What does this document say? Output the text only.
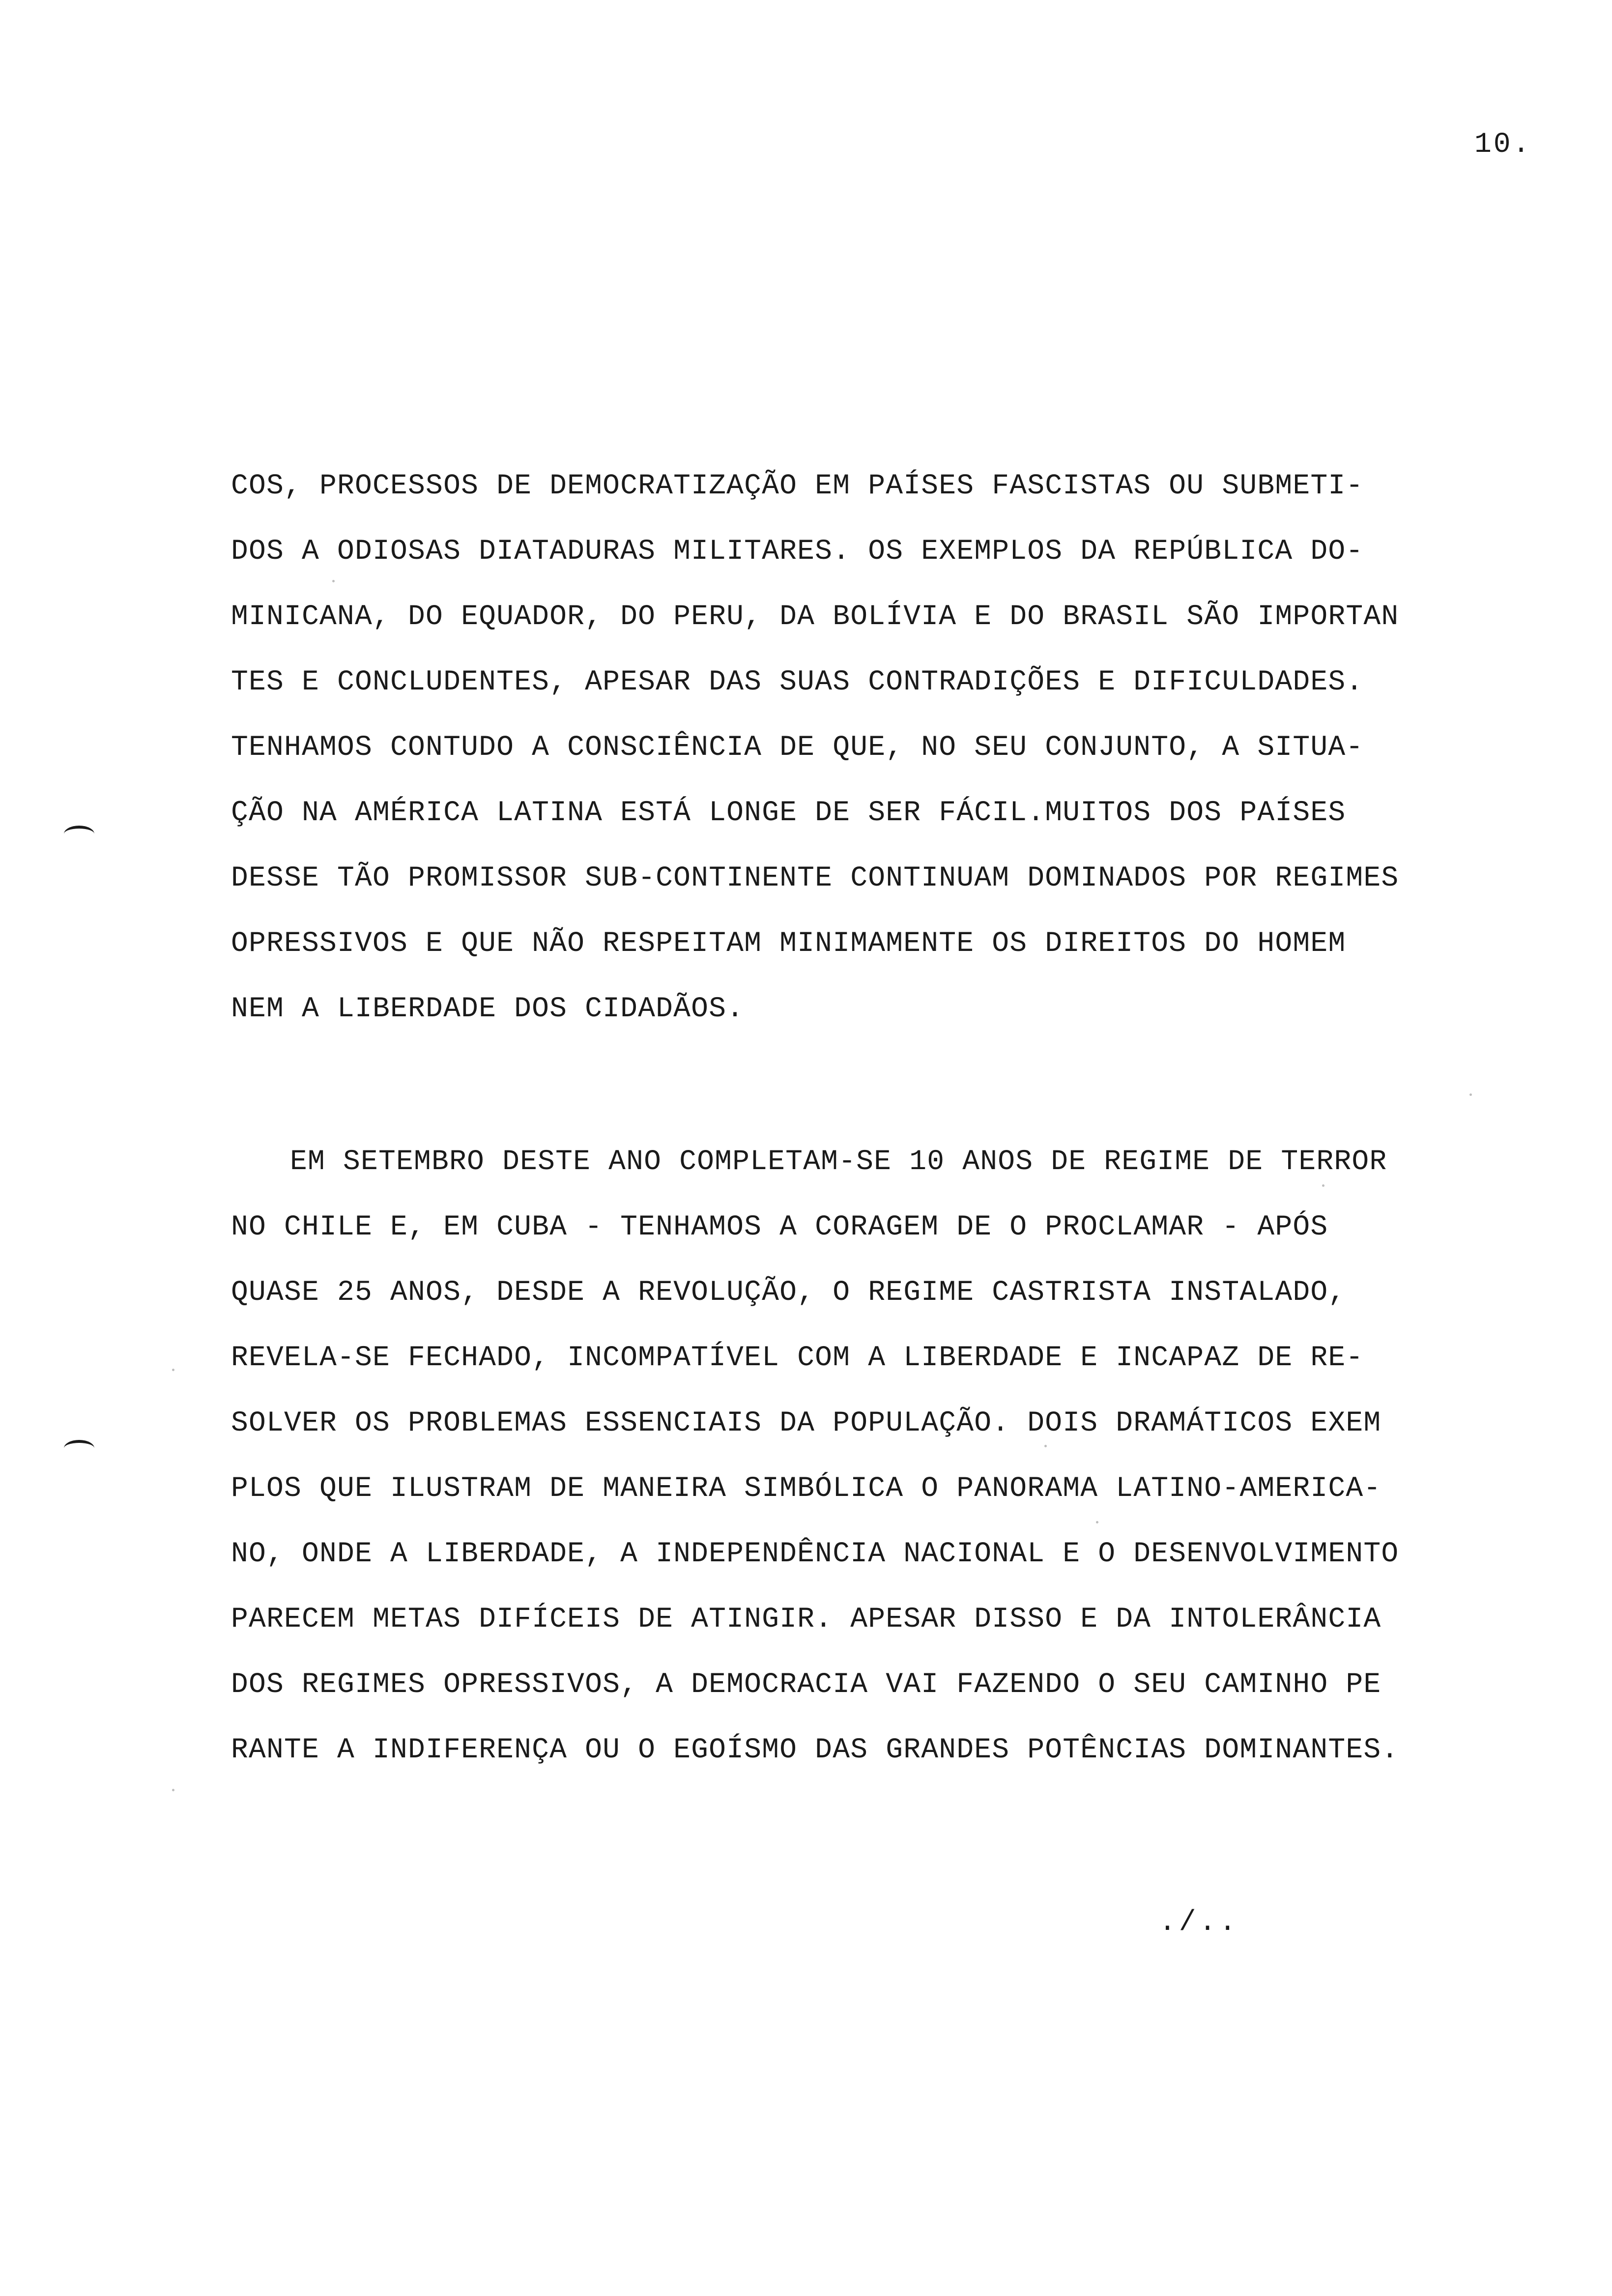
10.
COS, PROCESSOS DE DEMOCRATIZAÇÃO EM PAÍSES FASCISTAS OU SUBMETI-
DOS A ODIOSAS DIATADURAS MILITARES. OS EXEMPLOS DA REPÚBLICA DO-
MINICANA, DO EQUADOR, DO PERU, DA BOLÍVIA E DO BRASIL SÃO IMPORTAN
TES E CONCLUDENTES, APESAR DAS SUAS CONTRADIÇÕES E DIFICULDADES.
TENHAMOS CONTUDO A CONSCIÊNCIA DE QUE, NO SEU CONJUNTO, A SITUA-
ÇÃO NA AMÉRICA LATINA ESTÁ LONGE DE SER FÁCIL.MUITOS DOS PAÍSES
DESSE TÃO PROMISSOR SUB-CONTINENTE CONTINUAM DOMINADOS POR REGIMES
OPRESSIVOS E QUE NÃO RESPEITAM MINIMAMENTE OS DIREITOS DO HOMEM
NEM A LIBERDADE DOS CIDADÃOS.
EM SETEMBRO DESTE ANO COMPLETAM-SE 10 ANOS DE REGIME DE TERROR
NO CHILE E, EM CUBA - TENHAMOS A CORAGEM DE O PROCLAMAR - APÓS
QUASE 25 ANOS, DESDE A REVOLUÇÃO, O REGIME CASTRISTA INSTALADO,
REVELA-SE FECHADO, INCOMPATÍVEL COM A LIBERDADE E INCAPAZ DE RE-
SOLVER OS PROBLEMAS ESSENCIAIS DA POPULAÇÃO. DOIS DRAMÁTICOS EXEM
PLOS QUE ILUSTRAM DE MANEIRA SIMBÓLICA O PANORAMA LATINO-AMERICA-
NO, ONDE A LIBERDADE, A INDEPENDÊNCIA NACIONAL E O DESENVOLVIMENTO
PARECEM METAS DIFÍCEIS DE ATINGIR. APESAR DISSO E DA INTOLERÂNCIA
DOS REGIMES OPRESSIVOS, A DEMOCRACIA VAI FAZENDO O SEU CAMINHO PE
RANTE A INDIFERENÇA OU O EGOÍSMO DAS GRANDES POTÊNCIAS DOMINANTES.
./..
